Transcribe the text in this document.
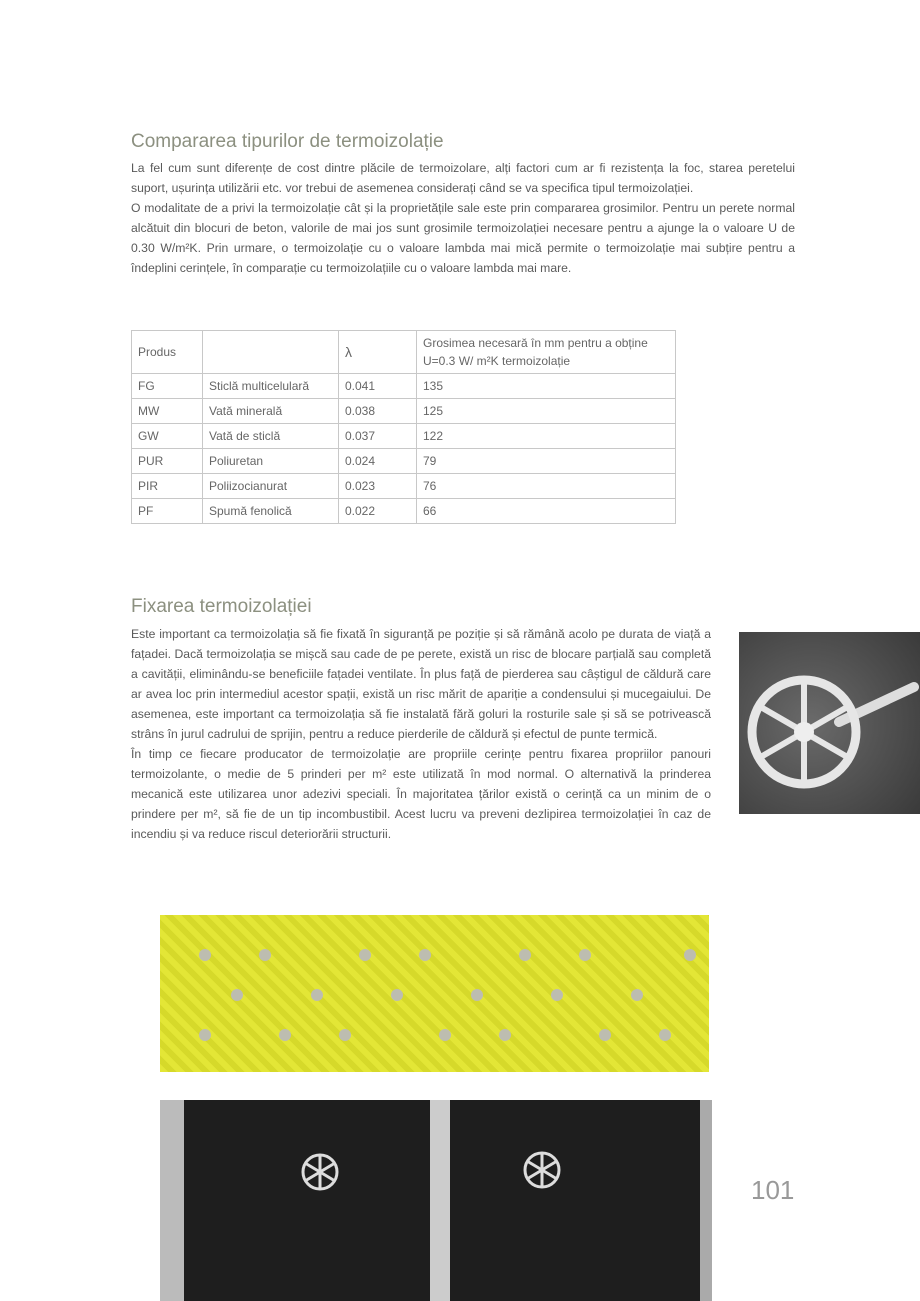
Compararea tipurilor de termoizolație

La fel cum sunt diferențe de cost dintre plăcile de termoizolare, alți factori cum ar fi rezistența la foc, starea peretelui suport, ușurința utilizării etc. vor trebui de asemenea considerați când se va specifica tipul termoizolației.

O modalitate de a privi la termoizolație cât și la proprietățile sale este prin compararea grosimilor. Pentru un perete normal alcătuit din blocuri de beton, valorile de mai jos sunt grosimile termoizolației necesare pentru a ajunge la o valoare U de 0.30 W/m²K. Prin urmare, o termoizolație cu o valoare lambda mai mică permite o termoizolație mai subțire pentru a îndeplini cerințele, în comparație cu termoizolațiile cu o valoare lambda mai mare.

Produs		λ	Grosimea necesară în mm pentru a obține U=0.3 W/ m²K termoizolație
FG	Sticlă multicelulară	0.041	135
MW	Vată minerală	0.038	125
GW	Vată de sticlă	0.037	122
PUR	Poliuretan	0.024	79
PIR	Poliizocianurat	0.023	76
PF	Spumă fenolică	0.022	66
Fixarea termoizolației

Este important ca termoizolația să fie fixată în siguranță pe poziție și să rămână acolo pe durata de viață a fațadei. Dacă termoizolația se mișcă sau cade de pe perete, există un risc de blocare parțială sau completă a cavității, eliminându-se beneficiile fațadei ventilate. În plus față de pierderea sau câștigul de căldură care ar avea loc prin intermediul acestor spații, există un risc mărit de apariție a condensului și mucegaiului. De asemenea, este important ca termoizolația să fie instalată fără goluri la rosturile sale și să se potrivească strâns în jurul cadrului de sprijin, pentru a reduce pierderile de căldură și efectul de punte termică.

În timp ce fiecare producator de termoizolație are propriile cerințe pentru fixarea propriilor panouri termoizolante, o medie de 5 prinderi per m² este utilizată în mod normal. O alternativă la prinderea mecanică este utilizarea unor adezivi speciali. În majoritatea țărilor există o cerință ca un minim de o prindere per m², să fie de un tip incombustibil. Acest lucru va preveni dezlipirea termoizolației în caz de incendiu și va reduce riscul deteriorării structurii.

101
